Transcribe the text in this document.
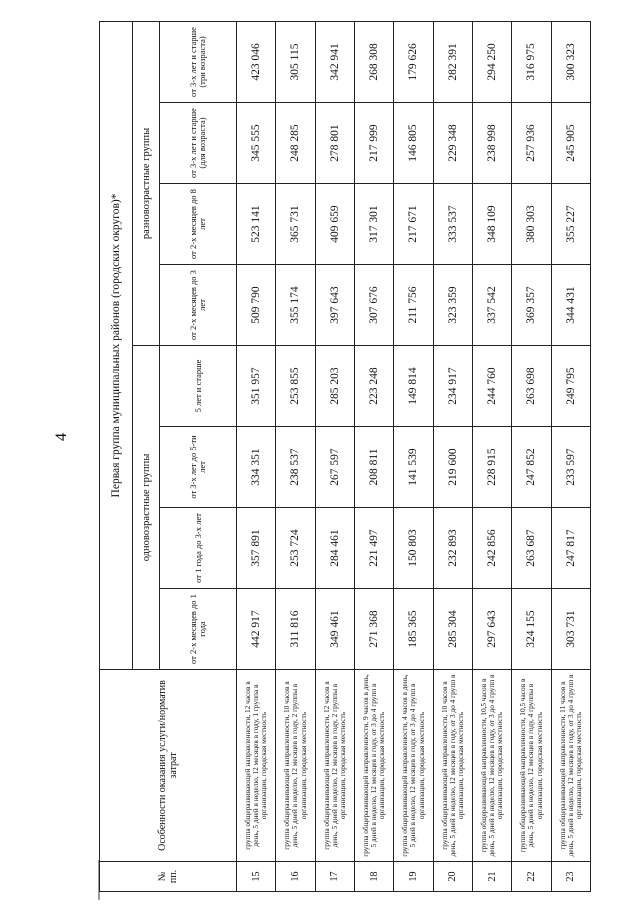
4
№
пп.	Особенности оказания услуги/норматив затрат	Первая группа муниципальных районов (городских округов)*							
		одновозрастные группы				разновозрастные группы			
		от 2-х месяцев до 1 года	от 1 года до 3-х лет	от 3-х лет до 5-ти лет	5 лет и старше	от 2-х месяцев до 3 лет	от 2-х месяцев до 8 лет	от 3-х лет и старше (для возраста)	от 3-х лет и старше (три возраста)
15	группа общеразвивающей направленности, 12 часов в день, 5 дней в неделю, 12 месяцев в году, 1 группа в организации, городская местность	442 917	357 891	334 351	351 957	509 790	523 141	345 555	423 046
16	группа общеразвивающей направленности, 10 часов в день, 5 дней в неделю, 12 месяцев в году, 2 группы в организации, городская местность	311 816	253 724	238 537	253 855	355 174	365 731	248 285	305 115
17	группа общеразвивающей направленности, 12 часов в день, 5 дней в неделю, 12 месяцев в году, 2 группы в организации, городская местность	349 461	284 461	267 597	285 203	397 643	409 659	278 801	342 941
18	группа общеразвивающей направленности, 9 часов в день, 5 дней в неделю, 12 месяцев в году, от 3 до 4 групп в организации, городская местность	271 368	221 497	208 811	223 248	307 676	317 301	217 999	268 308
19	группа общеразвивающей направленности, 4 часов в день, 5 дней в неделю, 12 месяцев в году, от 3 до 4 групп в организации, городская местность	185 365	150 803	141 539	149 814	211 756	217 671	146 805	179 626
20	группа общеразвивающей направленности, 10 часов в день, 5 дней в неделю, 12 месяцев в году, от 3 до 4 групп в организации, городская местность	285 304	232 893	219 600	234 917	323 359	333 537	229 348	282 391
21	группа общеразвивающей направленности, 10,5 часов в день, 5 дней в неделю, 12 месяцев в году, от 3 до 4 групп в организации, городская местность	297 643	242 856	228 915	244 760	337 542	348 109	238 998	294 250
22	группа общеразвивающей направленности, 10,5 часов в день, 5 дней в неделю, 12 месяцев в году, 4 группы в организации, городская местность	324 155	263 687	247 852	263 698	369 357	380 303	257 936	316 975
23	группа общеразвивающей направленности, 11 часов в день, 5 дней в неделю, 12 месяцев в году, от 3 до 4 групп в организации, городская местность	303 731	247 817	233 597	249 795	344 431	355 227	245 905	300 323
